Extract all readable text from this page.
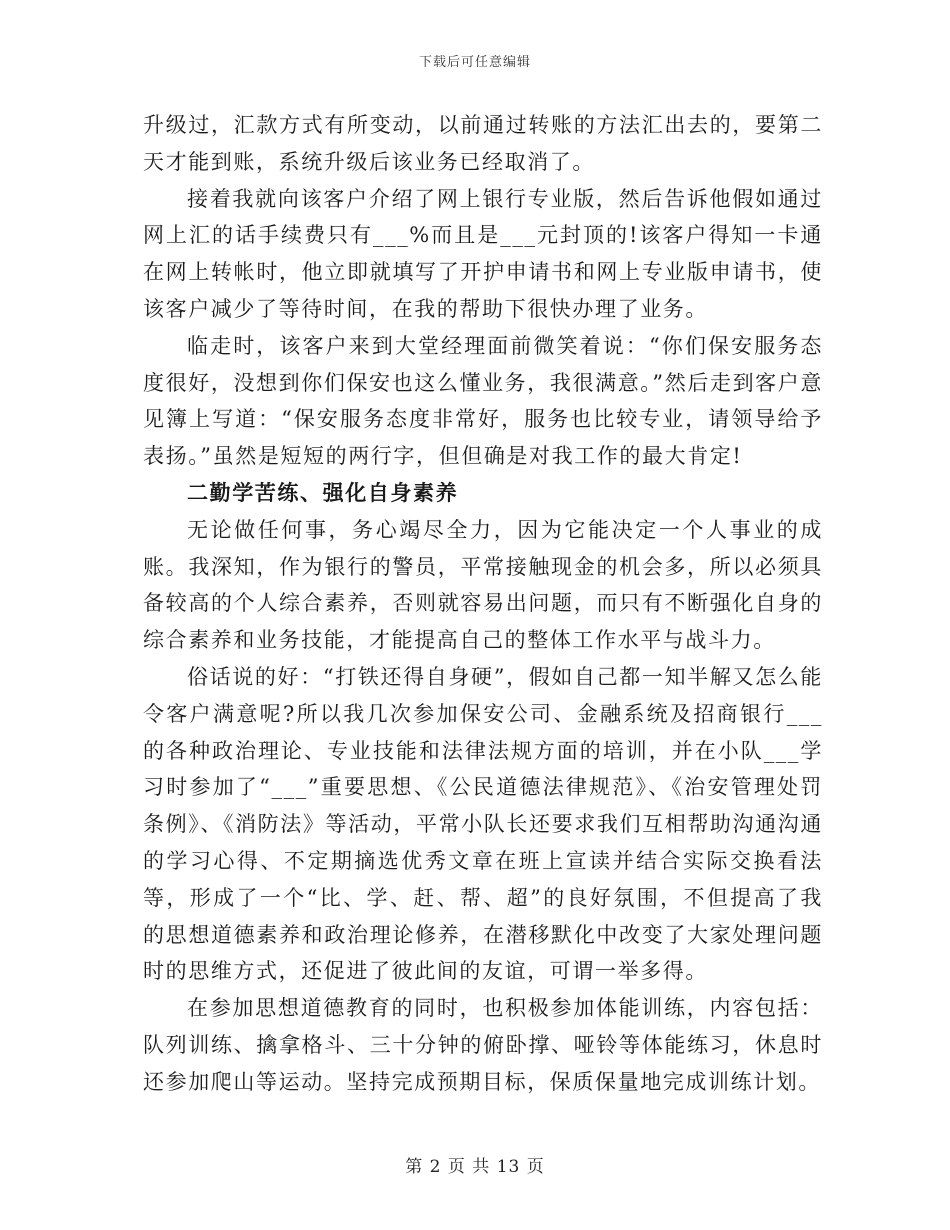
下载后可任意编辑

升级过，汇款方式有所变动，以前通过转账的方法汇出去的，要第二天才能到账，系统升级后该业务已经取消了。

接着我就向该客户介绍了网上银行专业版，然后告诉他假如通过网上汇的话手续费只有___%而且是___元封顶的!该客户得知一卡通在网上转帐时，他立即就填写了开护申请书和网上专业版申请书，使该客户减少了等待时间，在我的帮助下很快办理了业务。

临走时，该客户来到大堂经理面前微笑着说：“你们保安服务态度很好，没想到你们保安也这么懂业务，我很满意。”然后走到客户意见簿上写道：“保安服务态度非常好，服务也比较专业，请领导给予表扬。”虽然是短短的两行字，但但确是对我工作的最大肯定!

二勤学苦练、强化自身素养

无论做任何事，务心竭尽全力，因为它能决定一个人事业的成账。我深知，作为银行的警员，平常接触现金的机会多，所以必须具备较高的个人综合素养，否则就容易出问题，而只有不断强化自身的综合素养和业务技能，才能提高自己的整体工作水平与战斗力。

俗话说的好：“打铁还得自身硬”，假如自己都一知半解又怎么能令客户满意呢?所以我几次参加保安公司、金融系统及招商银行___的各种政治理论、专业技能和法律法规方面的培训，并在小队___学习时参加了“___”重要思想、《公民道德法律规范》、《治安管理处罚条例》、《消防法》等活动，平常小队长还要求我们互相帮助沟通沟通的学习心得、不定期摘选优秀文章在班上宣读并结合实际交换看法等，形成了一个“比、学、赶、帮、超”的良好氛围，不但提高了我的思想道德素养和政治理论修养，在潜移默化中改变了大家处理问题时的思维方式，还促进了彼此间的友谊，可谓一举多得。

在参加思想道德教育的同时，也积极参加体能训练，内容包括：队列训练、擒拿格斗、三十分钟的俯卧撑、哑铃等体能练习，休息时还参加爬山等运动。坚持完成预期目标，保质保量地完成训练计划。

第 2 页 共 13 页
